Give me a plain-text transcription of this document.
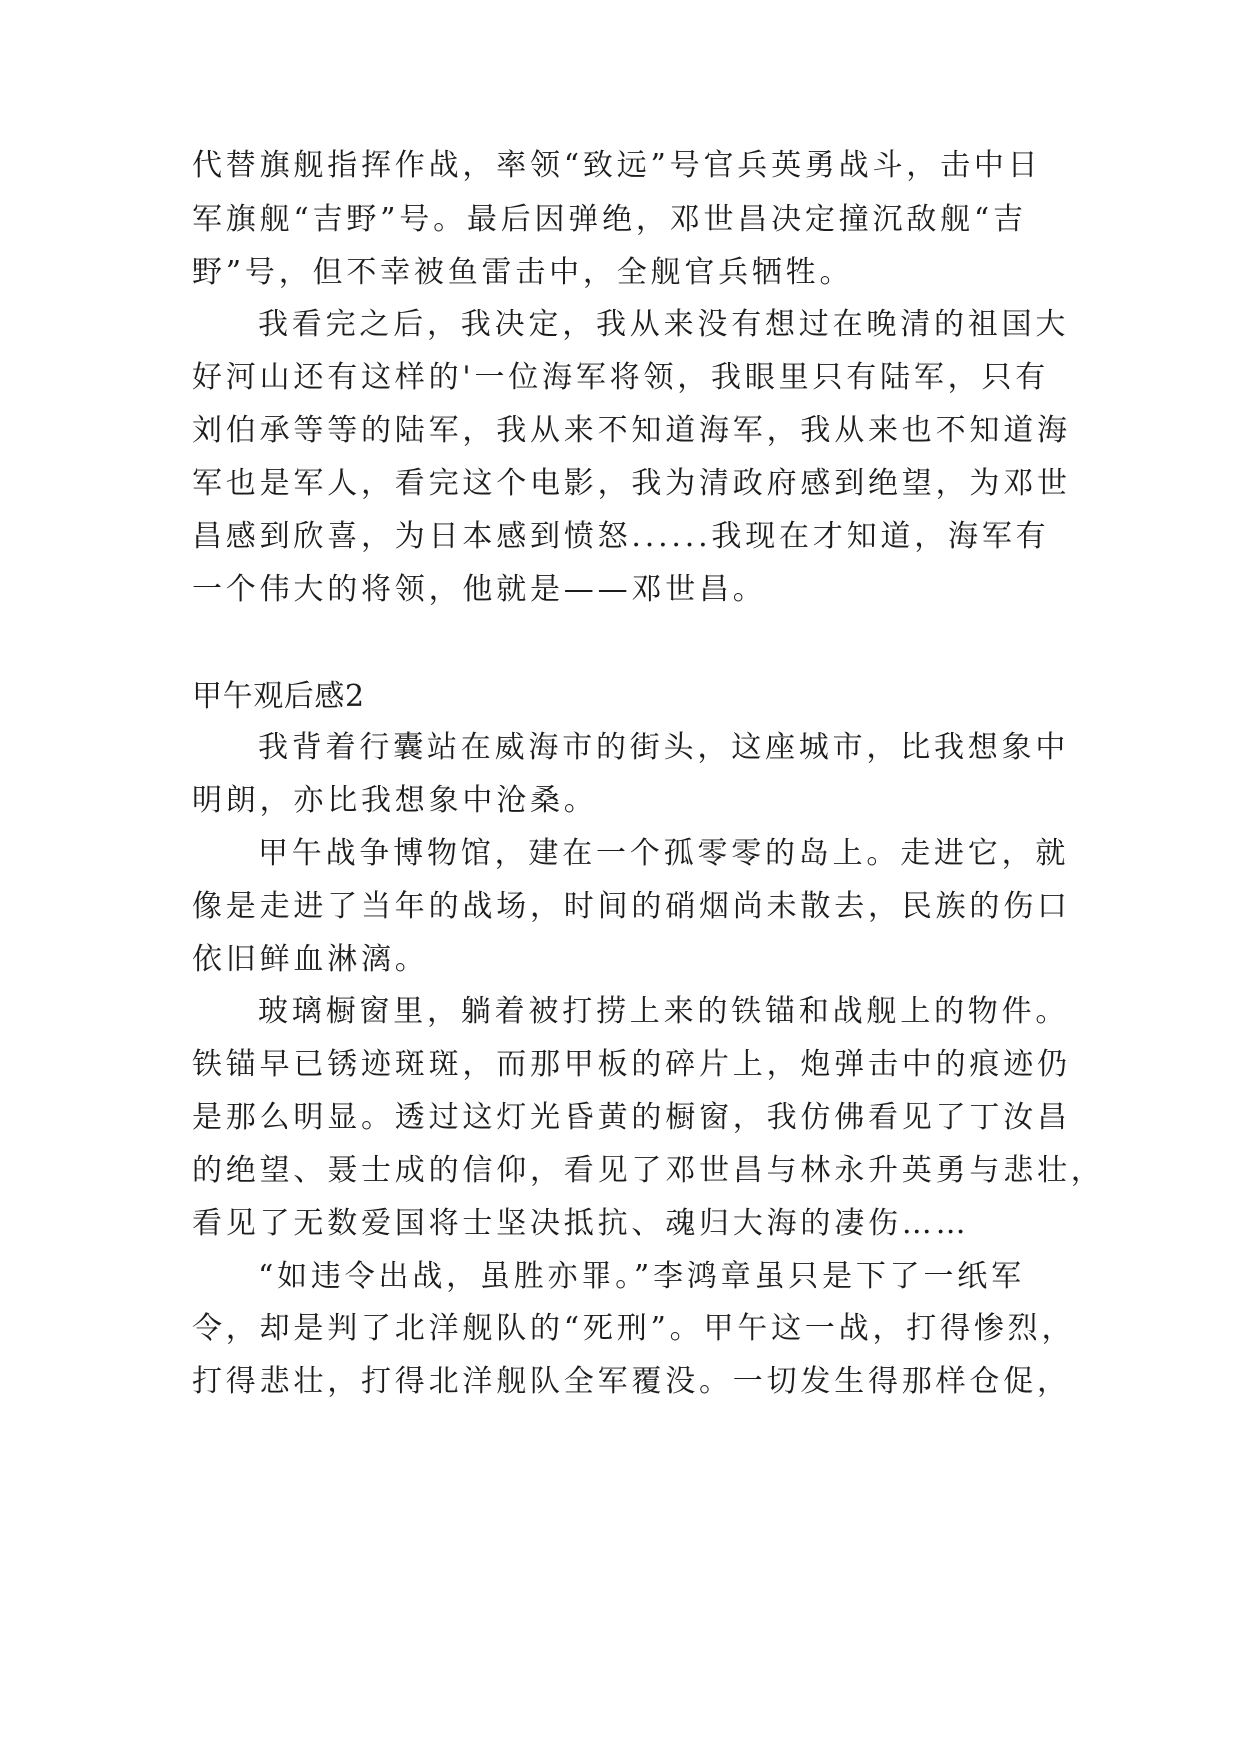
代替旗舰指挥作战，率领“致远”号官兵英勇战斗，击中日
军旗舰“吉野”号。最后因弹绝，邓世昌决定撞沉敌舰“吉
野”号，但不幸被鱼雷击中，全舰官兵牺牲。
我看完之后，我决定，我从来没有想过在晚清的祖国大
好河山还有这样的'一位海军将领，我眼里只有陆军，只有
刘伯承等等的陆军，我从来不知道海军，我从来也不知道海
军也是军人，看完这个电影，我为清政府感到绝望，为邓世
昌感到欣喜，为日本感到愤怒......我现在才知道，海军有
一个伟大的将领，他就是——邓世昌。
甲午观后感2
我背着行囊站在威海市的街头，这座城市，比我想象中
明朗，亦比我想象中沧桑。
甲午战争博物馆，建在一个孤零零的岛上。走进它，就
像是走进了当年的战场，时间的硝烟尚未散去，民族的伤口
依旧鲜血淋漓。
玻璃橱窗里，躺着被打捞上来的铁锚和战舰上的物件。
铁锚早已锈迹斑斑，而那甲板的碎片上，炮弹击中的痕迹仍
是那么明显。透过这灯光昏黄的橱窗，我仿佛看见了丁汝昌
的绝望、聂士成的信仰，看见了邓世昌与林永升英勇与悲壮，
看见了无数爱国将士坚决抵抗、魂归大海的凄伤……
“如违令出战，虽胜亦罪。”李鸿章虽只是下了一纸军
令，却是判了北洋舰队的“死刑”。甲午这一战，打得惨烈，
打得悲壮，打得北洋舰队全军覆没。一切发生得那样仓促，
